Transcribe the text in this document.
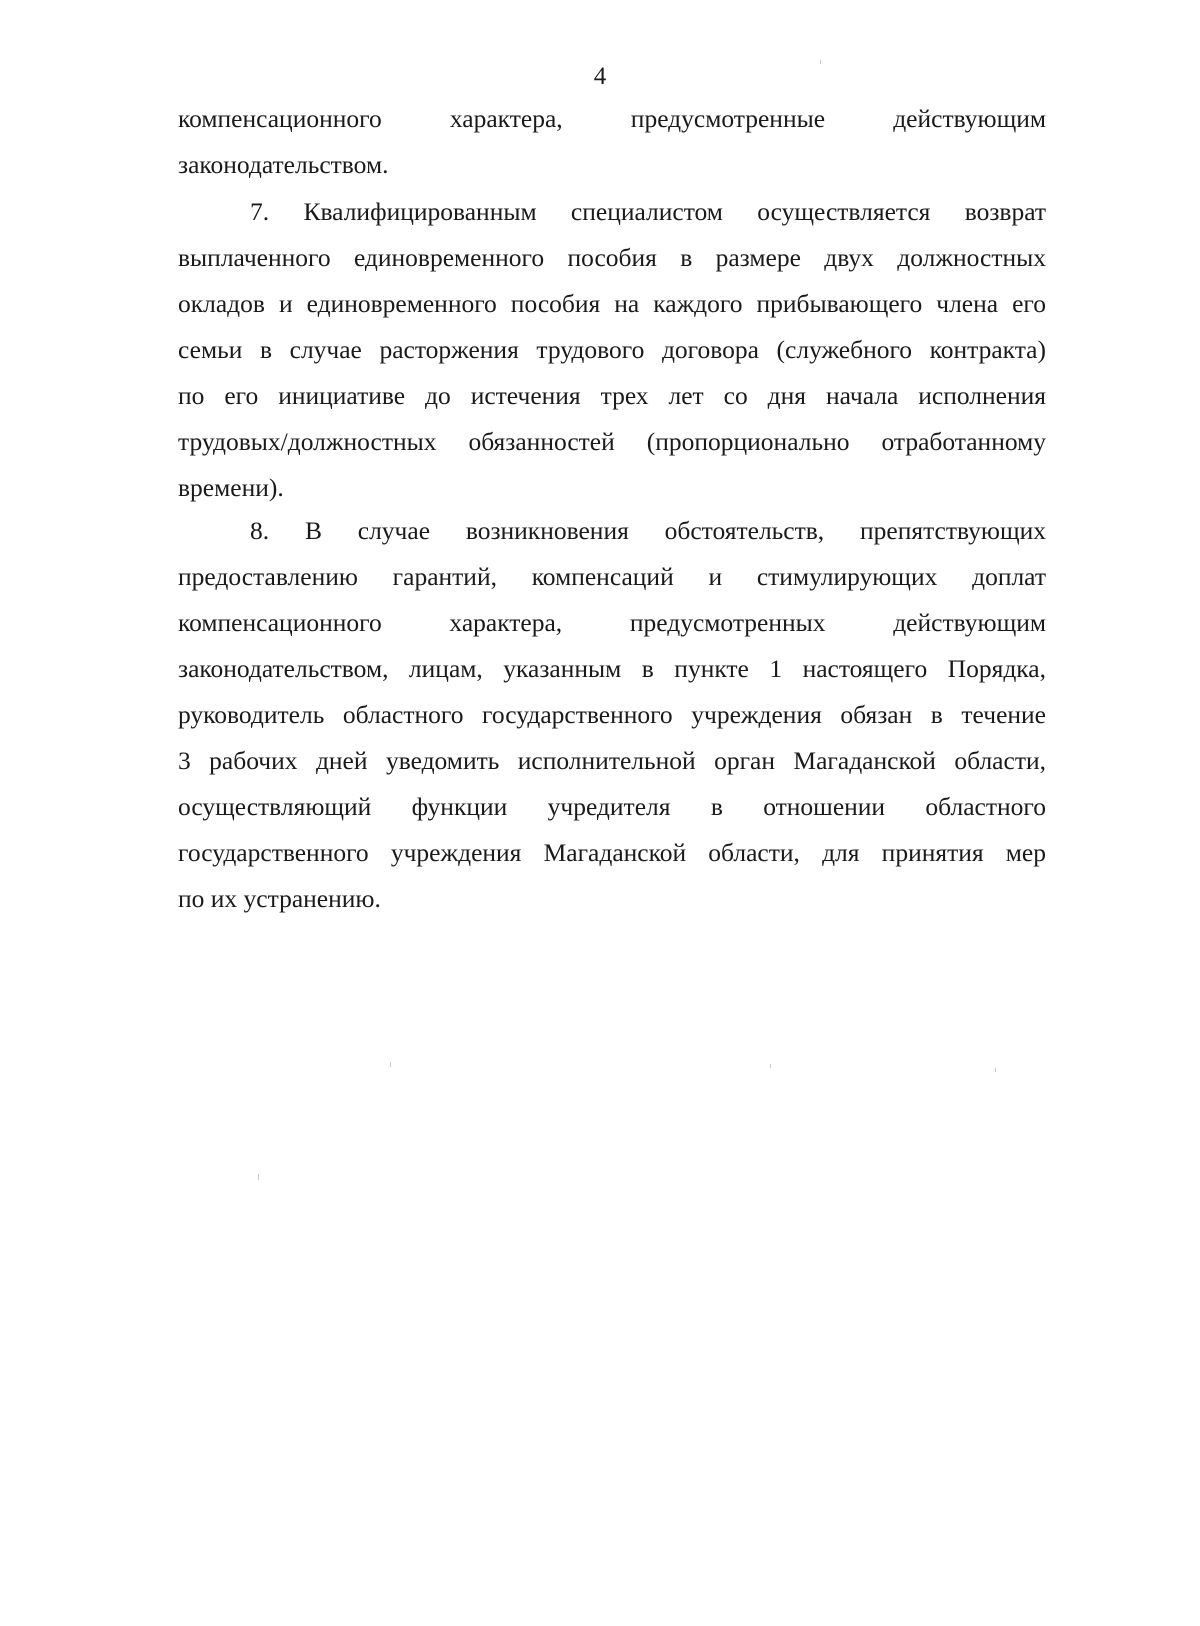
4
компенсационного характера, предусмотренные действующим
законодательством.
7. Квалифицированным специалистом осуществляется возврат
выплаченного единовременного пособия в размере двух должностных
окладов и единовременного пособия на каждого прибывающего члена его
семьи в случае расторжения трудового договора (служебного контракта)
по его инициативе до истечения трех лет со дня начала исполнения
трудовых/должностных обязанностей (пропорционально отработанному
времени).
8. В случае возникновения обстоятельств, препятствующих
предоставлению гарантий, компенсаций и стимулирующих доплат
компенсационного характера, предусмотренных действующим
законодательством, лицам, указанным в пункте 1 настоящего Порядка,
руководитель областного государственного учреждения обязан в течение
3 рабочих дней уведомить исполнительной орган Магаданской области,
осуществляющий функции учредителя в отношении областного
государственного учреждения Магаданской области, для принятия мер
по их устранению.
